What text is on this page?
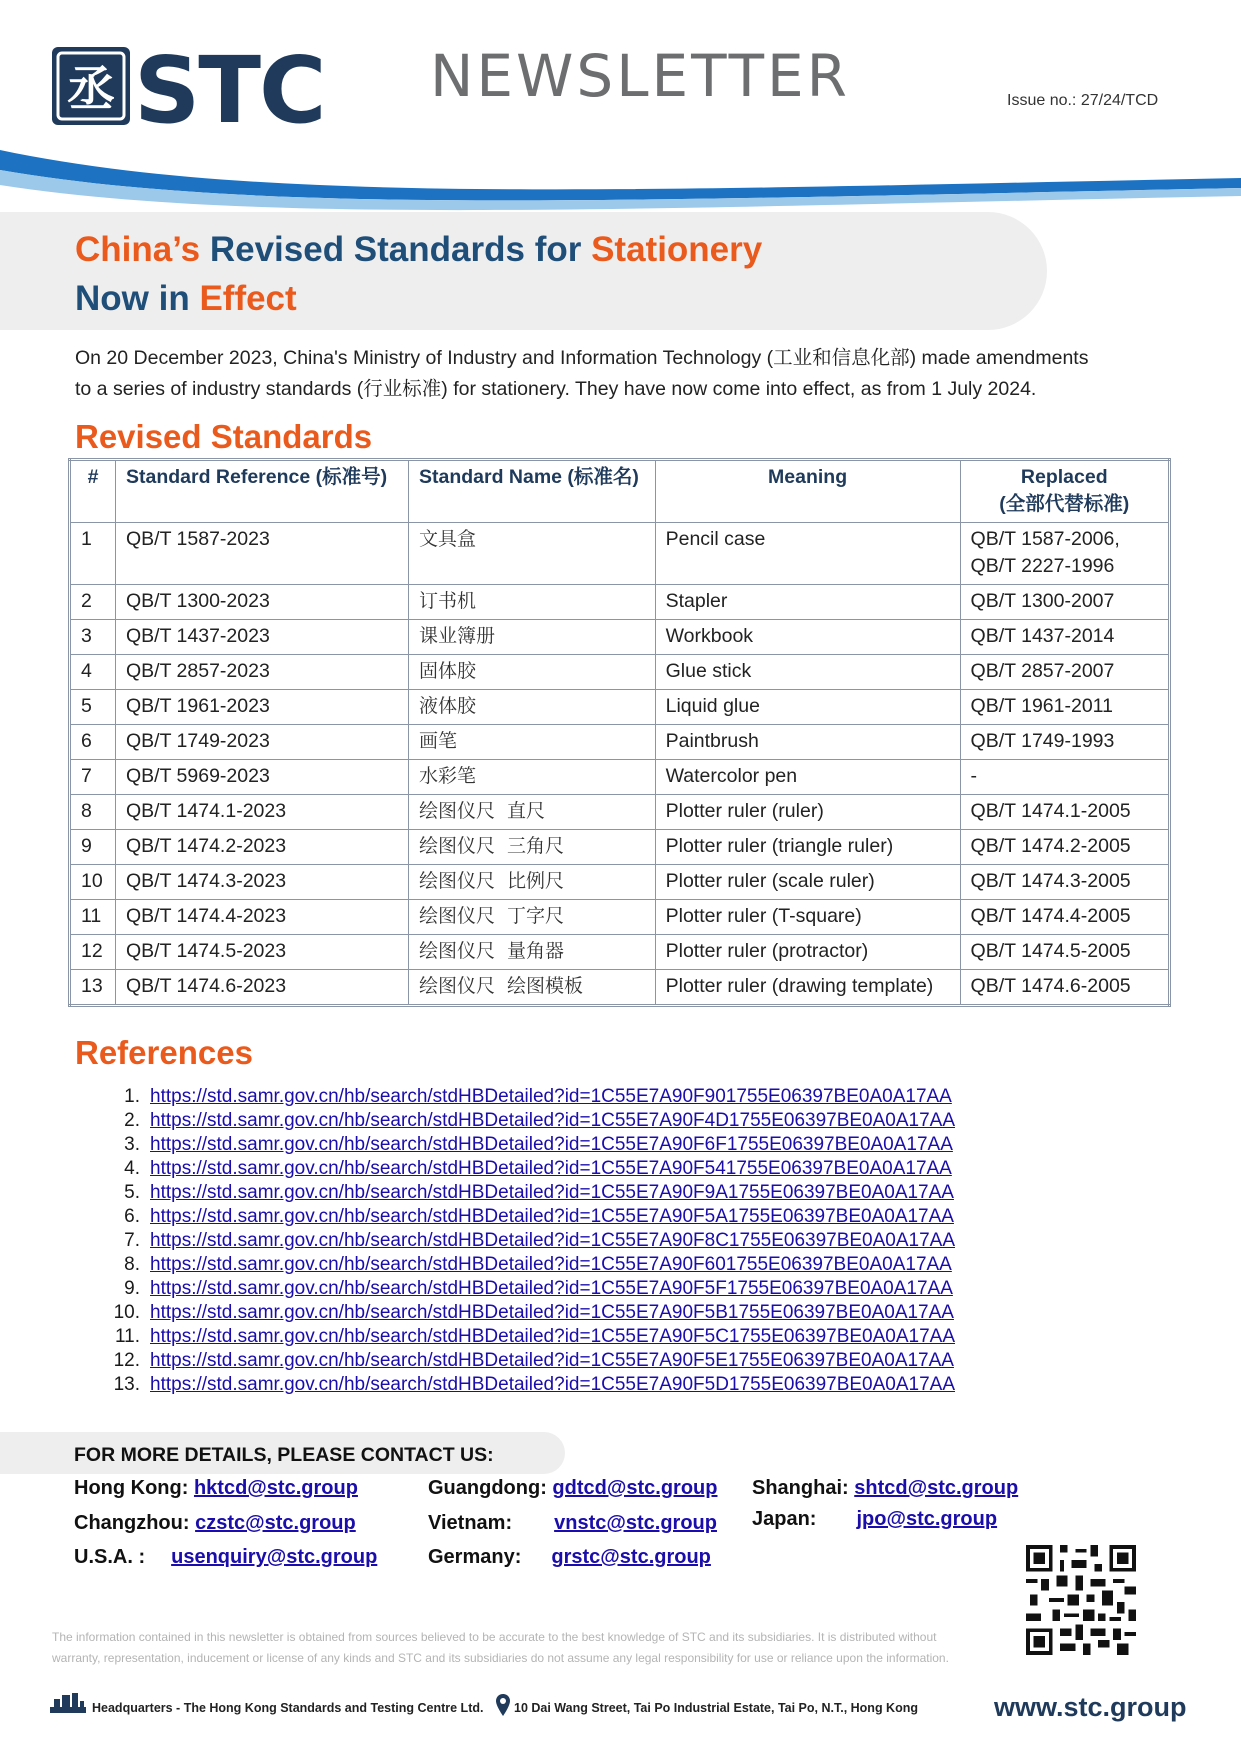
丞 STC NEWSLETTER	Issue no.: 27/24/TCD
China’s Revised Standards for Stationery
Now in Effect
On 20 December 2023, China's Ministry of Industry and Information Technology (工业和信息化部) made amendments
to a series of industry standards (行业标准) for stationery. They have now come into effect, as from 1 July 2024.
Revised Standards
#	Standard Reference (标准号)	Standard Name (标准名)	Meaning	Replaced
(全部代替标准)

1	QB/T 1587-2023	文具盒	Pencil case	QB/T 1587-2006,
QB/T 2227-1996
2	QB/T 1300-2023	订书机	Stapler	QB/T 1300-2007
3	QB/T 1437-2023	课业簿册	Workbook	QB/T 1437-2014
4	QB/T 2857-2023	固体胶	Glue stick	QB/T 2857-2007
5	QB/T 1961-2023	液体胶	Liquid glue	QB/T 1961-2011
6	QB/T 1749-2023	画笔	Paintbrush	QB/T 1749-1993
7	QB/T 5969-2023	水彩笔	Watercolor pen	-
8	QB/T 1474.1-2023	绘图仪尺  直尺	Plotter ruler (ruler)	QB/T 1474.1-2005
9	QB/T 1474.2-2023	绘图仪尺  三角尺	Plotter ruler (triangle ruler)	QB/T 1474.2-2005
10	QB/T 1474.3-2023	绘图仪尺  比例尺	Plotter ruler (scale ruler)	QB/T 1474.3-2005
11	QB/T 1474.4-2023	绘图仪尺  丁字尺	Plotter ruler (T-square)	QB/T 1474.4-2005
12	QB/T 1474.5-2023	绘图仪尺  量角器	Plotter ruler (protractor)	QB/T 1474.5-2005
13	QB/T 1474.6-2023	绘图仪尺  绘图模板	Plotter ruler (drawing template)	QB/T 1474.6-2005
References
1. https://std.samr.gov.cn/hb/search/stdHBDetailed?id=1C55E7A90F901755E06397BE0A0A17AA
2. https://std.samr.gov.cn/hb/search/stdHBDetailed?id=1C55E7A90F4D1755E06397BE0A0A17AA
3. https://std.samr.gov.cn/hb/search/stdHBDetailed?id=1C55E7A90F6F1755E06397BE0A0A17AA
4. https://std.samr.gov.cn/hb/search/stdHBDetailed?id=1C55E7A90F541755E06397BE0A0A17AA
5. https://std.samr.gov.cn/hb/search/stdHBDetailed?id=1C55E7A90F9A1755E06397BE0A0A17AA
6. https://std.samr.gov.cn/hb/search/stdHBDetailed?id=1C55E7A90F5A1755E06397BE0A0A17AA
7. https://std.samr.gov.cn/hb/search/stdHBDetailed?id=1C55E7A90F8C1755E06397BE0A0A17AA
8. https://std.samr.gov.cn/hb/search/stdHBDetailed?id=1C55E7A90F601755E06397BE0A0A17AA
9. https://std.samr.gov.cn/hb/search/stdHBDetailed?id=1C55E7A90F5F1755E06397BE0A0A17AA
10. https://std.samr.gov.cn/hb/search/stdHBDetailed?id=1C55E7A90F5B1755E06397BE0A0A17AA
11. https://std.samr.gov.cn/hb/search/stdHBDetailed?id=1C55E7A90F5C1755E06397BE0A0A17AA
12. https://std.samr.gov.cn/hb/search/stdHBDetailed?id=1C55E7A90F5E1755E06397BE0A0A17AA
13. https://std.samr.gov.cn/hb/search/stdHBDetailed?id=1C55E7A90F5D1755E06397BE0A0A17AA
FOR MORE DETAILS, PLEASE CONTACT US:
Hong Kong: hktcd@stc.group	Guangdong: gdtcd@stc.group Shanghai: shtcd@stc.group
Changzhou: czstc@stc.group	Vietnam: vnstc@stc.group Japan: jpo@stc.group
U.S.A. : usenquiry@stc.group	Germany: grstc@stc.group
The information contained in this newsletter is obtained from sources believed to be accurate to the best knowledge of STC and its subsidiaries. It is distributed without
warranty, representation, inducement or license of any kinds and STC and its subsidiaries do not assume any legal responsibility for use or reliance upon the information.
Headquarters - The Hong Kong Standards and Testing Centre Ltd. 10 Dai Wang Street, Tai Po Industrial Estate, Tai Po, N.T., Hong Kong	www.stc.group
